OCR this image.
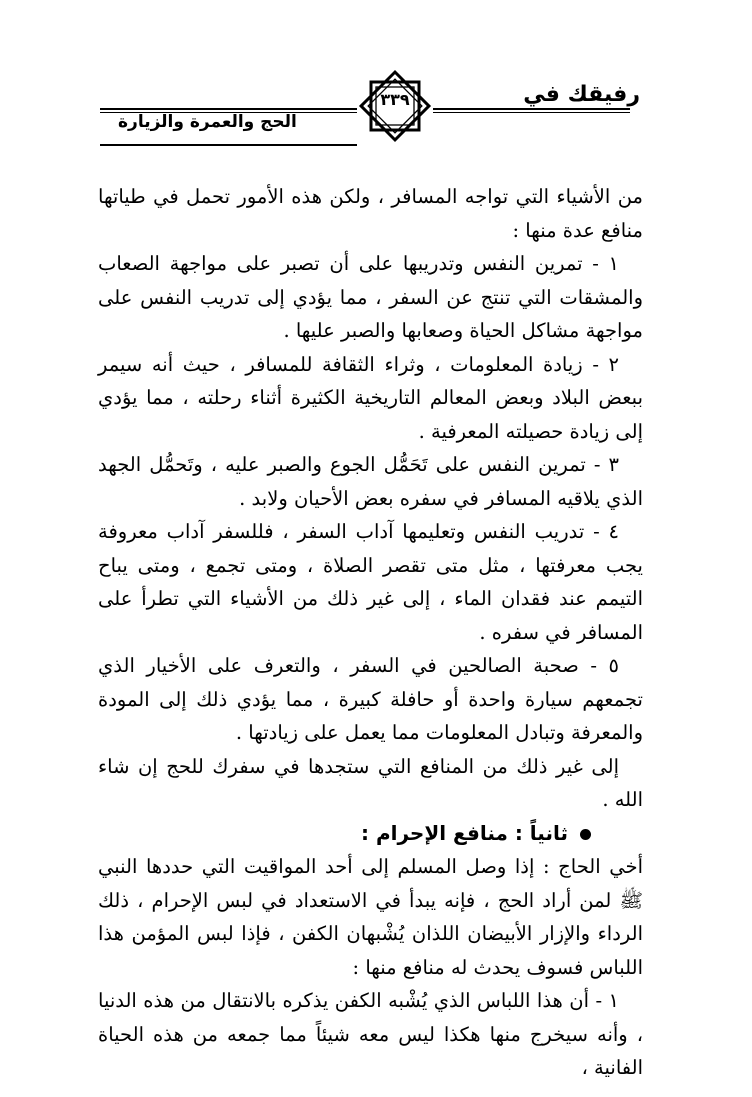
رفيقك في
الحج والعمرة والزيارة
٣٣٩

من الأشياء التي تواجه المسافر ، ولكن هذه الأمور تحمل في طياتها منافع عدة منها :

١ - تمرين النفس وتدريبها على أن تصبر على مواجهة الصعاب والمشقات التي تنتج عن السفر ، مما يؤدي إلى تدريب النفس على مواجهة مشاكل الحياة وصعابها والصبر عليها .

٢ - زيادة المعلومات ، وثراء الثقافة للمسافر ، حيث أنه سيمر ببعض البلاد وبعض المعالم التاريخية الكثيرة أثناء رحلته ، مما يؤدي إلى زيادة حصيلته المعرفية .

٣ - تمرين النفس على تَحَمُّل الجوع والصبر عليه ، وتَحمُّل الجهد الذي يلاقيه المسافر في سفره بعض الأحيان ولابد .

٤ - تدريب النفس وتعليمها آداب السفر ، فللسفر آداب معروفة يجب معرفتها ، مثل متى تقصر الصلاة ، ومتى تجمع ، ومتى يباح التيمم عند فقدان الماء ، إلى غير ذلك من الأشياء التي تطرأ على المسافر في سفره .

٥ - صحبة الصالحين في السفر ، والتعرف على الأخيار الذي تجمعهم سيارة واحدة أو حافلة كبيرة ، مما يؤدي ذلك إلى المودة والمعرفة وتبادل المعلومات مما يعمل على زيادتها .

إلى غير ذلك من المنافع التي ستجدها في سفرك للحج إن شاء الله .

ثانياً : منافع الإحرام :

أخي الحاج : إذا وصل المسلم إلى أحد المواقيت التي حددها النبي ﷺ لمن أراد الحج ، فإنه يبدأ في الاستعداد في لبس الإحرام ، ذلك الرداء والإزار الأبيضان اللذان يُشْبهان الكفن ، فإذا لبس المؤمن هذا اللباس فسوف يحدث له منافع منها :

١ - أن هذا اللباس الذي يُشْبه الكفن يذكره بالانتقال من هذه الدنيا ، وأنه سيخرج منها هكذا ليس معه شيئاً مما جمعه من هذه الحياة الفانية ،
